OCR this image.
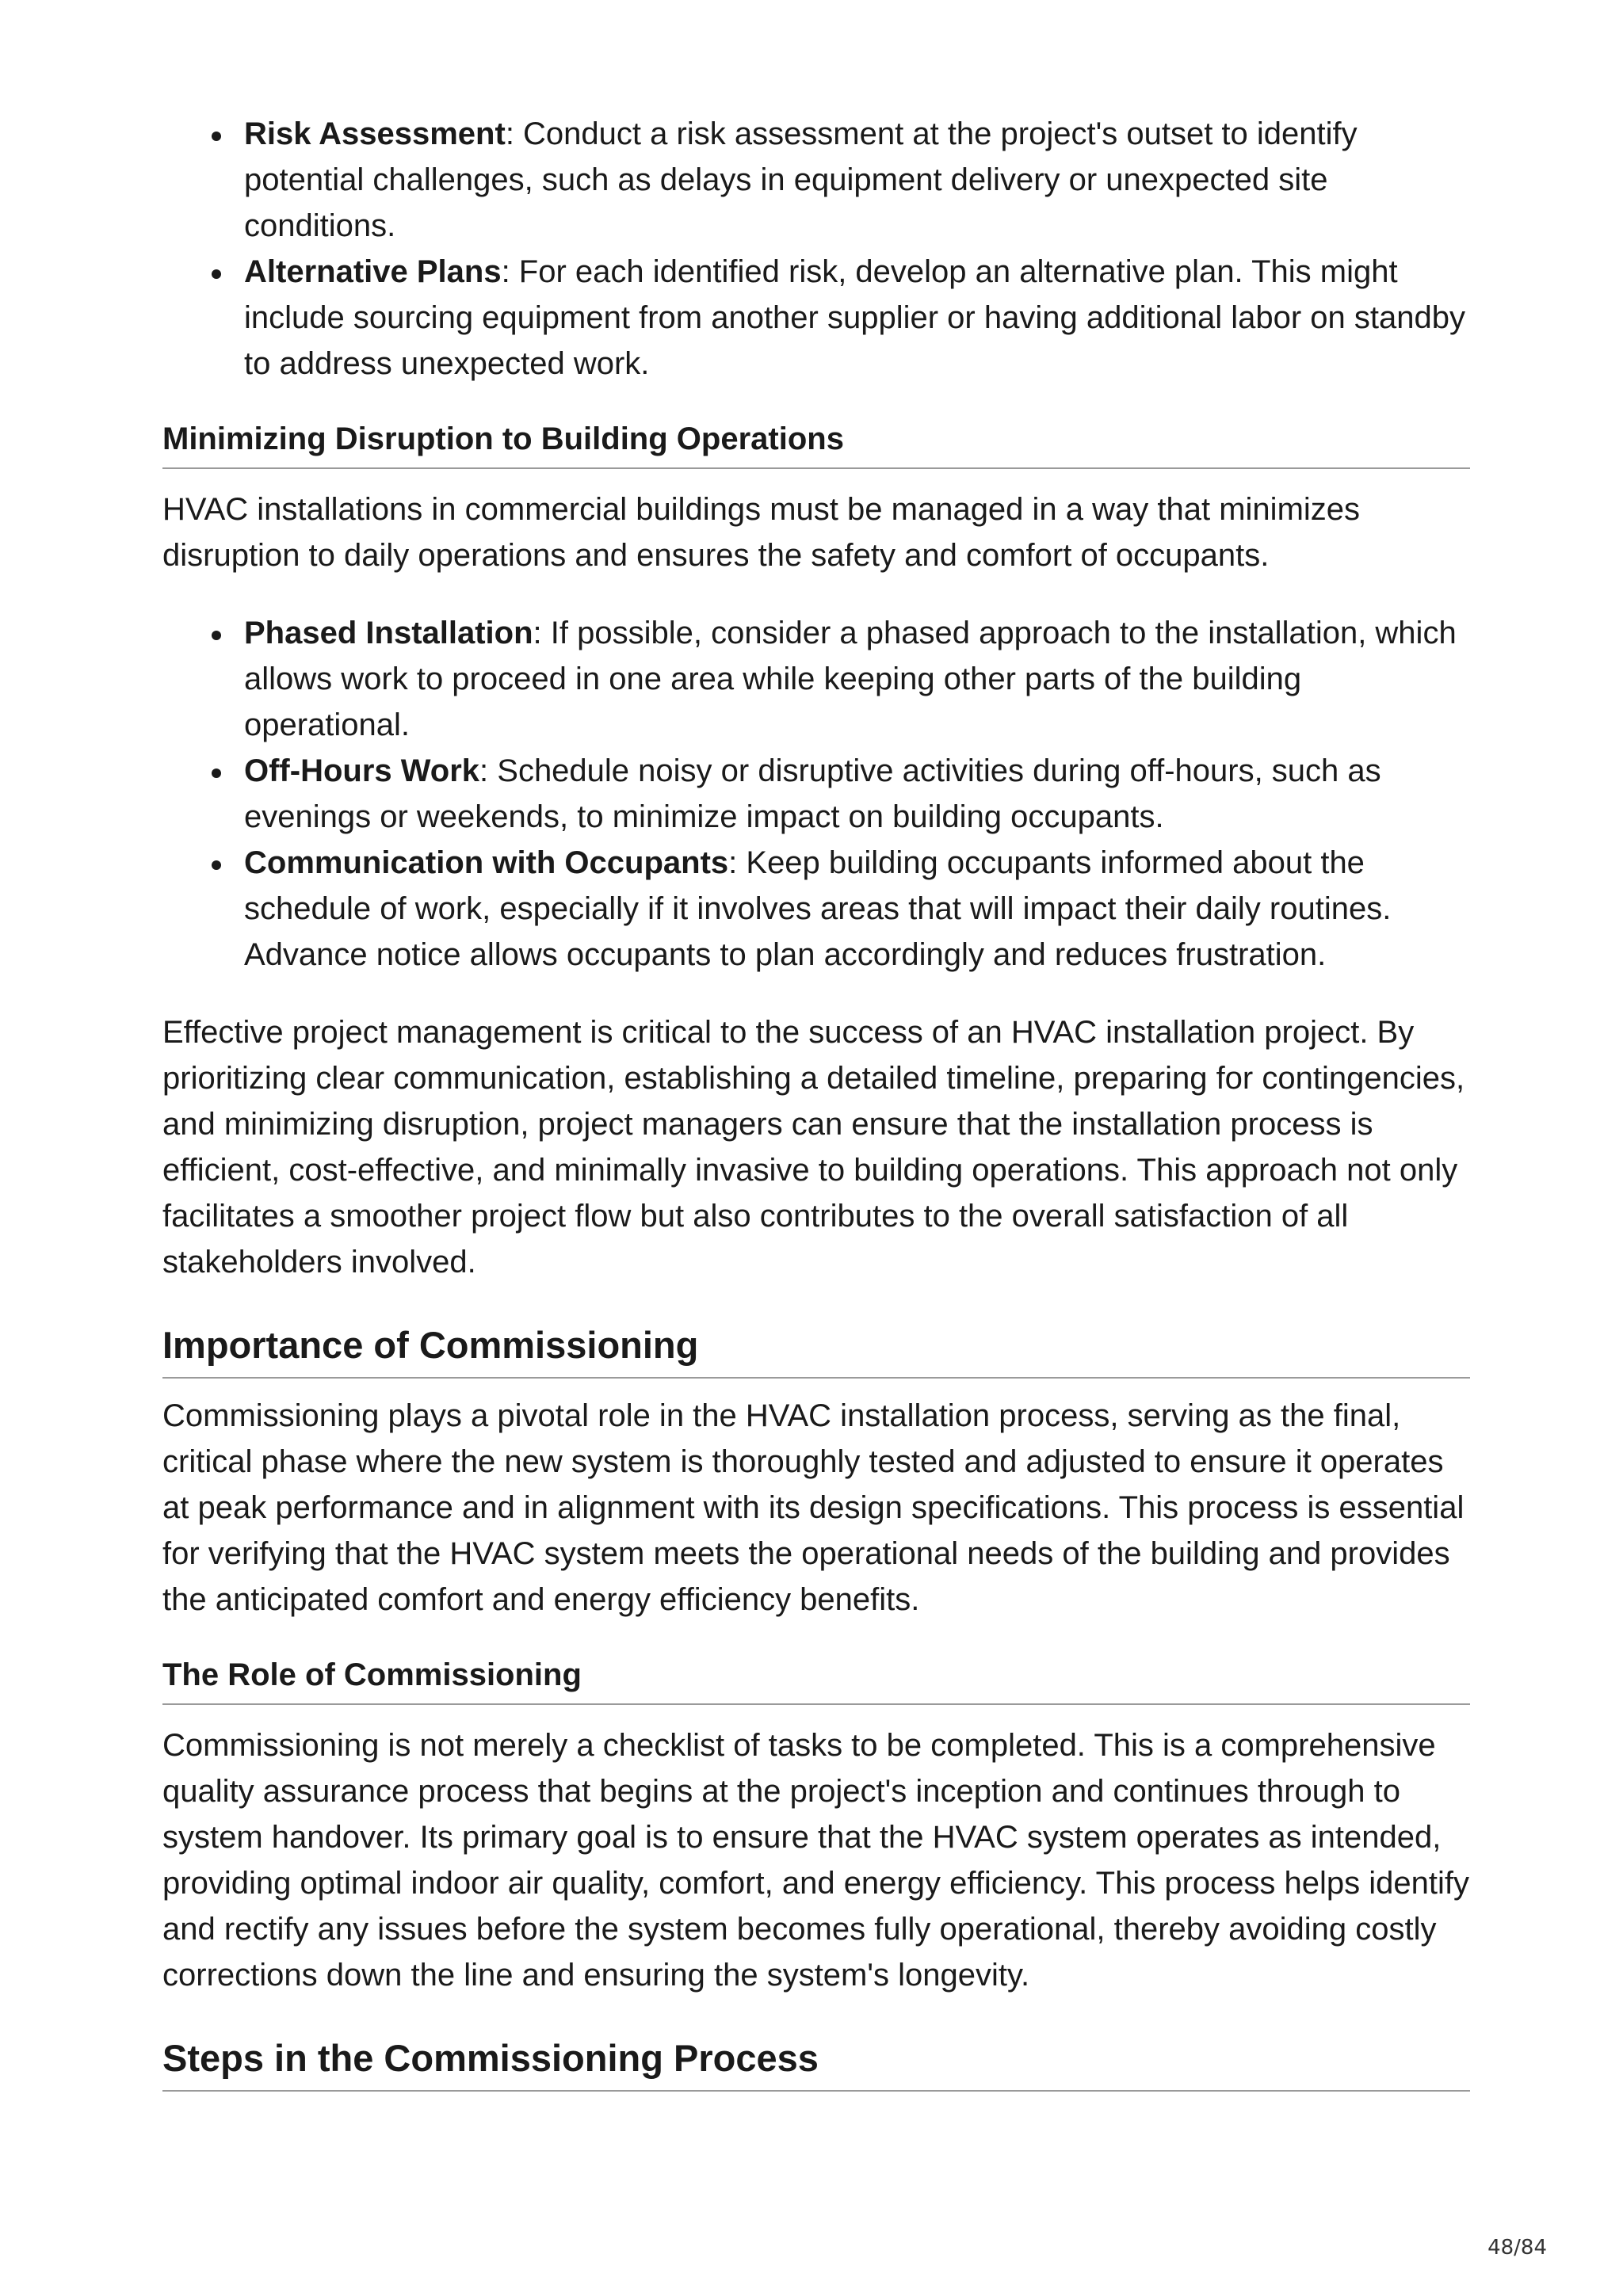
Risk Assessment: Conduct a risk assessment at the project's outset to identify potential challenges, such as delays in equipment delivery or unexpected site conditions.
Alternative Plans: For each identified risk, develop an alternative plan. This might include sourcing equipment from another supplier or having additional labor on standby to address unexpected work.
Minimizing Disruption to Building Operations

HVAC installations in commercial buildings must be managed in a way that minimizes disruption to daily operations and ensures the safety and comfort of occupants.

Phased Installation: If possible, consider a phased approach to the installation, which allows work to proceed in one area while keeping other parts of the building operational.
Off-Hours Work: Schedule noisy or disruptive activities during off-hours, such as evenings or weekends, to minimize impact on building occupants.
Communication with Occupants: Keep building occupants informed about the schedule of work, especially if it involves areas that will impact their daily routines. Advance notice allows occupants to plan accordingly and reduces frustration.

Effective project management is critical to the success of an HVAC installation project. By prioritizing clear communication, establishing a detailed timeline, preparing for contingencies, and minimizing disruption, project managers can ensure that the installation process is efficient, cost-effective, and minimally invasive to building operations. This approach not only facilitates a smoother project flow but also contributes to the overall satisfaction of all stakeholders involved.

Importance of Commissioning

Commissioning plays a pivotal role in the HVAC installation process, serving as the final, critical phase where the new system is thoroughly tested and adjusted to ensure it operates at peak performance and in alignment with its design specifications. This process is essential for verifying that the HVAC system meets the operational needs of the building and provides the anticipated comfort and energy efficiency benefits.

The Role of Commissioning

Commissioning is not merely a checklist of tasks to be completed. This is a comprehensive quality assurance process that begins at the project's inception and continues through to system handover. Its primary goal is to ensure that the HVAC system operates as intended, providing optimal indoor air quality, comfort, and energy efficiency. This process helps identify and rectify any issues before the system becomes fully operational, thereby avoiding costly corrections down the line and ensuring the system's longevity.

Steps in the Commissioning Process
48/84
